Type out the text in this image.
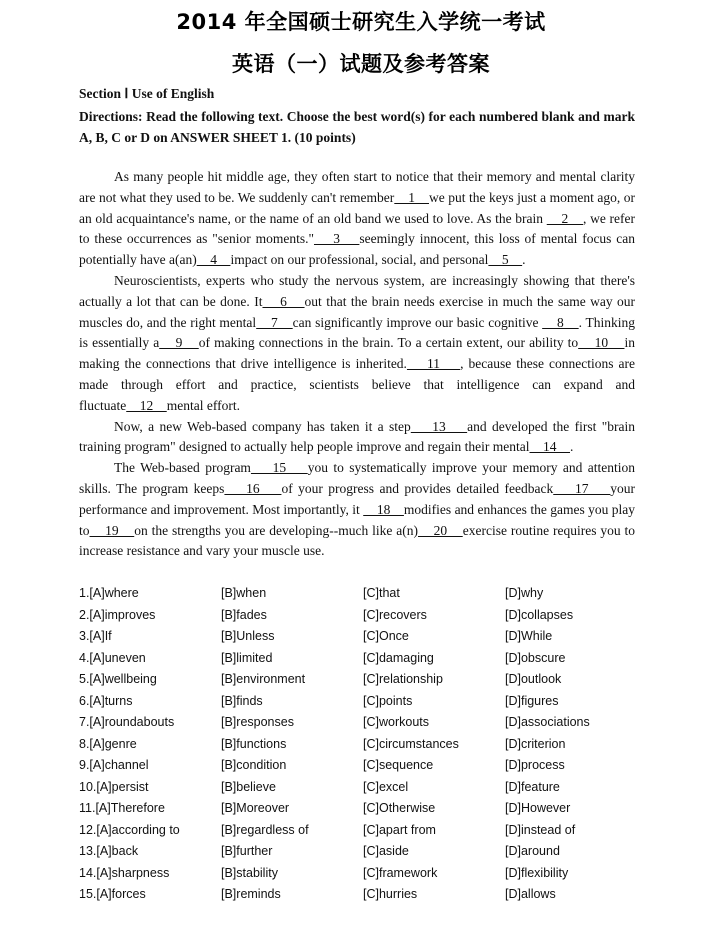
2014 年全国硕士研究生入学统一考试
英语（一）试题及参考答案
Section Ⅰ Use of English
Directions: Read the following text. Choose the best word(s) for each numbered blank and mark A, B, C or D on ANSWER SHEET 1. (10 points)

As many people hit middle age, they often start to notice that their memory and mental clarity are not what they used to be. We suddenly can't remember    1    we put the keys just a moment ago, or an old acquaintance's name, or the name of an old band we used to love. As the brain     2    , we refer to these occurrences as "senior moments."    3    seemingly innocent, this loss of mental focus can potentially have a(an)    4    impact on our professional, social, and personal    5    .

Neuroscientists, experts who study the nervous system, are increasingly showing that there's actually a lot that can be done. It    6    out that the brain needs exercise in much the same way our muscles do, and the right mental    7    can significantly improve our basic cognitive     8    . Thinking is essentially a    9    of making connections in the brain. To a certain extent, our ability to    10    in making the connections that drive intelligence is inherited.    11    , because these connections are made through effort and practice, scientists believe that intelligence can expand and fluctuate    12    mental effort.

Now, a new Web-based company has taken it a step    13    and developed the first "brain training program" designed to actually help people improve and regain their mental    14    .

The Web-based program    15    you to systematically improve your memory and attention skills. The program keeps    16    of your progress and provides detailed feedback    17    your performance and improvement. Most importantly, it     18    modifies and enhances the games you play to    19    on the strengths you are developing--much like a(n)    20    exercise routine requires you to increase resistance and vary your muscle use.

1.[A]where	[B]when	[C]that	[D]why
2.[A]improves	[B]fades	[C]recovers	[D]collapses
3.[A]If	[B]Unless	[C]Once	[D]While
4.[A]uneven	[B]limited	[C]damaging	[D]obscure
5.[A]wellbeing	[B]environment	[C]relationship	[D]outlook
6.[A]turns	[B]finds	[C]points	[D]figures
7.[A]roundabouts	[B]responses	[C]workouts	[D]associations
8.[A]genre	[B]functions	[C]circumstances	[D]criterion
9.[A]channel	[B]condition	[C]sequence	[D]process
10.[A]persist	[B]believe	[C]excel	[D]feature
11.[A]Therefore	[B]Moreover	[C]Otherwise	[D]However
12.[A]according to	[B]regardless of	[C]apart from	[D]instead of
13.[A]back	[B]further	[C]aside	[D]around
14.[A]sharpness	[B]stability	[C]framework	[D]flexibility
15.[A]forces	[B]reminds	[C]hurries	[D]allows
